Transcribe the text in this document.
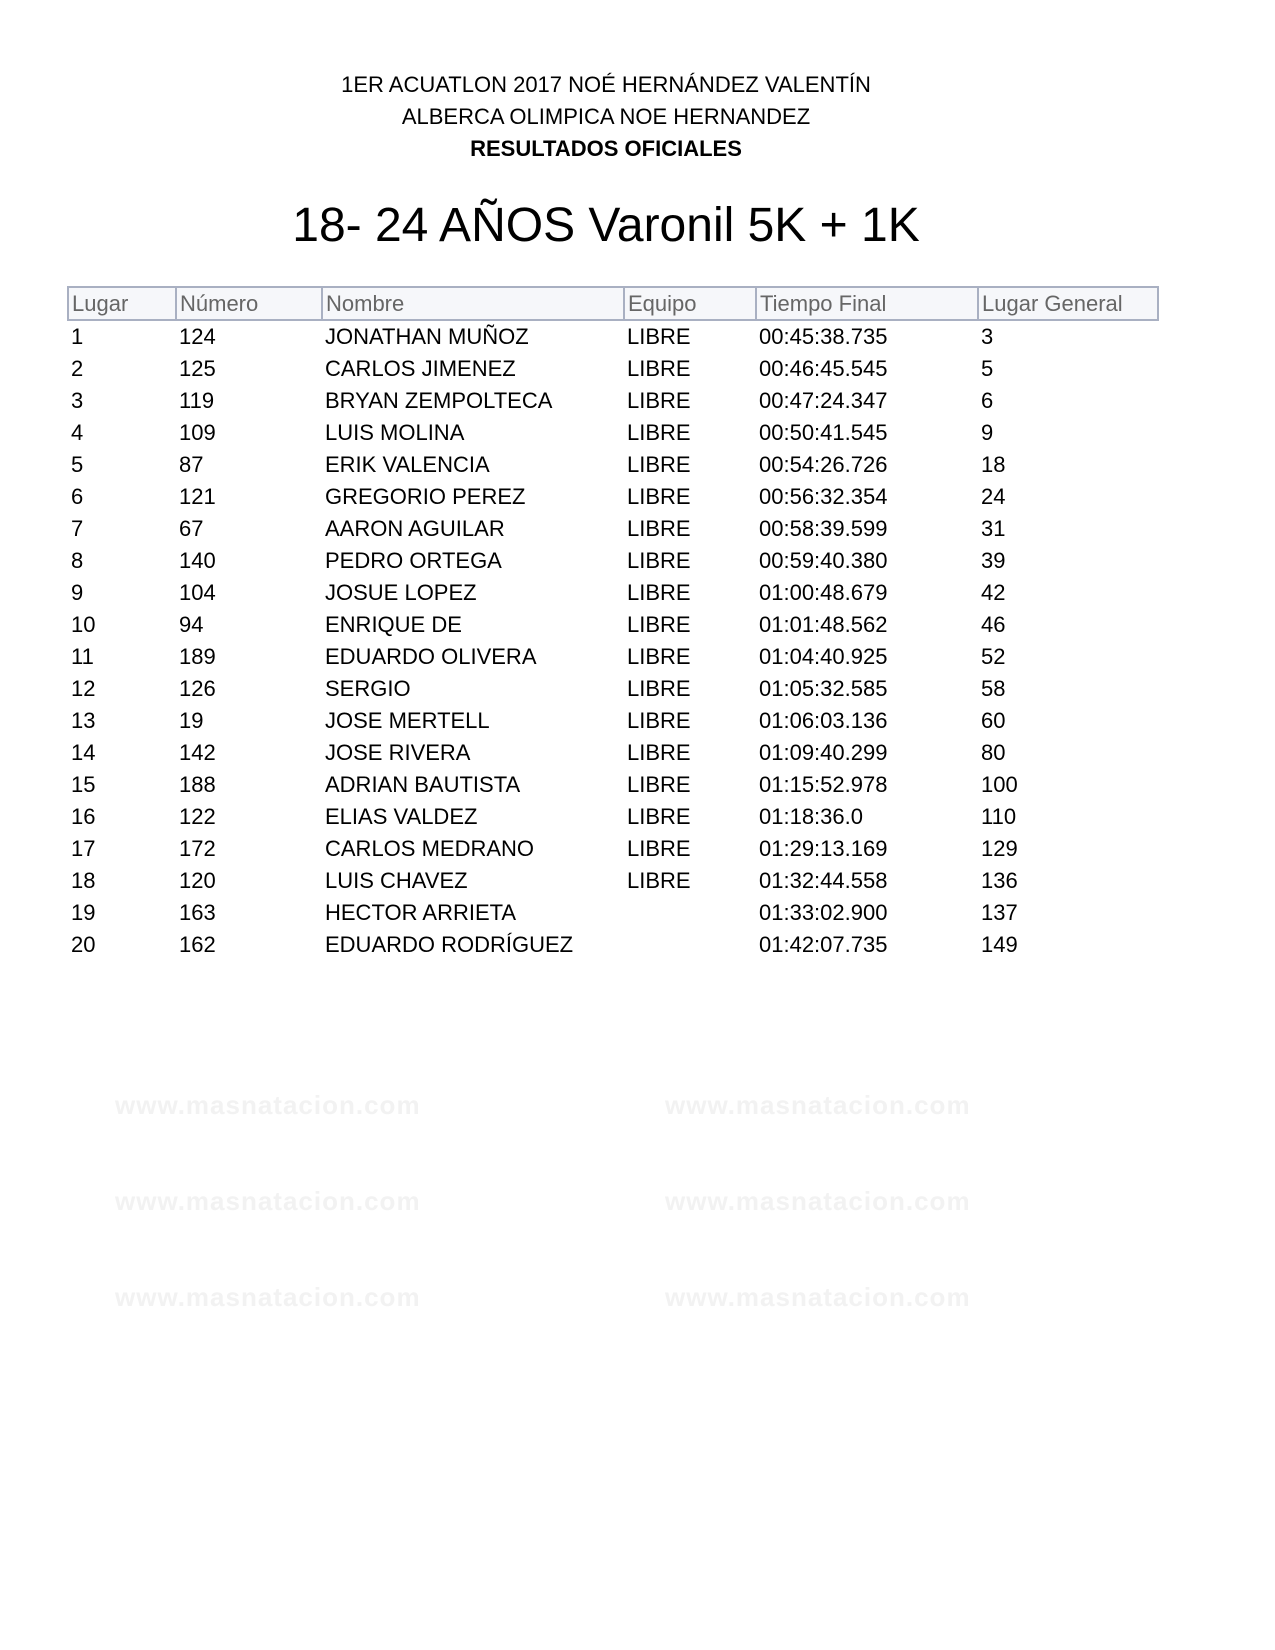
www.masnatacion.com	www.masnatacion.com
www.masnatacion.com	www.masnatacion.com
www.masnatacion.com	www.masnatacion.com
1ER ACUATLON 2017 NOÉ HERNÁNDEZ VALENTÍN
ALBERCA OLIMPICA NOE HERNANDEZ
RESULTADOS OFICIALES
18- 24 AÑOS Varonil 5K + 1K
Lugar	Número	Nombre	Equipo	Tiempo Final	Lugar General
1	124	JONATHAN MUÑOZ	LIBRE	00:45:38.735	3
2	125	CARLOS JIMENEZ	LIBRE	00:46:45.545	5
3	119	BRYAN ZEMPOLTECA	LIBRE	00:47:24.347	6
4	109	LUIS MOLINA	LIBRE	00:50:41.545	9
5	87	ERIK VALENCIA	LIBRE	00:54:26.726	18
6	121	GREGORIO PEREZ	LIBRE	00:56:32.354	24
7	67	AARON AGUILAR	LIBRE	00:58:39.599	31
8	140	PEDRO ORTEGA	LIBRE	00:59:40.380	39
9	104	JOSUE LOPEZ	LIBRE	01:00:48.679	42
10	94	ENRIQUE DE	LIBRE	01:01:48.562	46
11	189	EDUARDO OLIVERA	LIBRE	01:04:40.925	52
12	126	SERGIO	LIBRE	01:05:32.585	58
13	19	JOSE MERTELL	LIBRE	01:06:03.136	60
14	142	JOSE RIVERA	LIBRE	01:09:40.299	80
15	188	ADRIAN BAUTISTA	LIBRE	01:15:52.978	100
16	122	ELIAS VALDEZ	LIBRE	01:18:36.0	110
17	172	CARLOS MEDRANO	LIBRE	01:29:13.169	129
18	120	LUIS CHAVEZ	LIBRE	01:32:44.558	136
19	163	HECTOR ARRIETA		01:33:02.900	137
20	162	EDUARDO RODRÍGUEZ		01:42:07.735	149
